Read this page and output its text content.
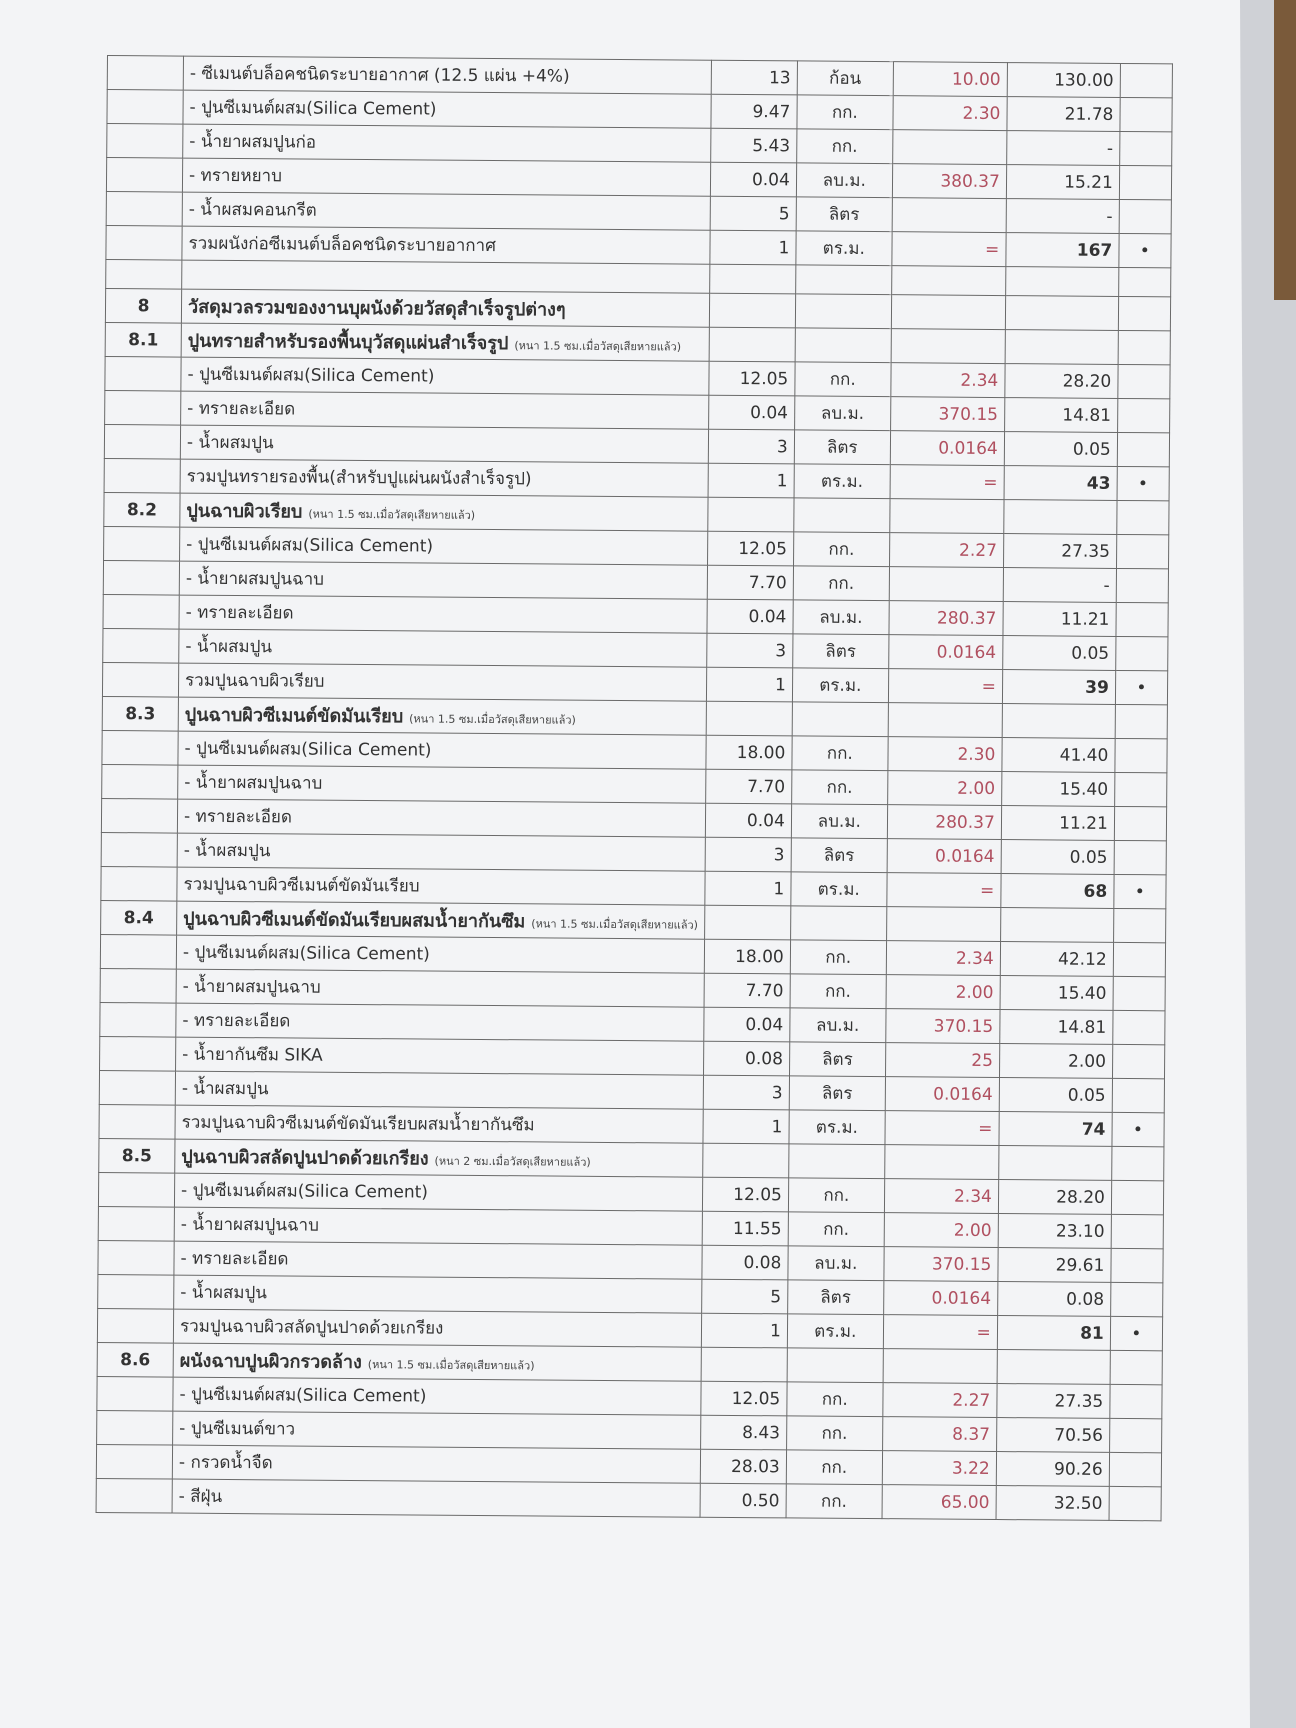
	- ซีเมนต์บล็อคชนิดระบายอากาศ (12.5 แผ่น +4%)	13	ก้อน	10.00	130.00	
	- ปูนซีเมนต์ผสม(Silica Cement)	9.47	กก.	2.30	21.78	
	- น้ำยาผสมปูนก่อ	5.43	กก.		-	
	- ทรายหยาบ	0.04	ลบ.ม.	380.37	15.21	
	- น้ำผสมคอนกรีต	5	ลิตร		-	
	รวมผนังก่อซีเมนต์บล็อคชนิดระบายอากาศ	1	ตร.ม.	=	167	•

8	วัสดุมวลรวมของงานบุผนังด้วยวัสดุสำเร็จรูปต่างๆ					
8.1	ปูนทรายสำหรับรองพื้นบุวัสดุแผ่นสำเร็จรูป (หนา 1.5 ซม.เมื่อวัสดุเสียหายแล้ว)					
	- ปูนซีเมนต์ผสม(Silica Cement)	12.05	กก.	2.34	28.20	
	- ทรายละเอียด	0.04	ลบ.ม.	370.15	14.81	
	- น้ำผสมปูน	3	ลิตร	0.0164	0.05	
	รวมปูนทรายรองพื้น(สำหรับปูแผ่นผนังสำเร็จรูป)	1	ตร.ม.	=	43	•
8.2	ปูนฉาบผิวเรียบ (หนา 1.5 ซม.เมื่อวัสดุเสียหายแล้ว)					
	- ปูนซีเมนต์ผสม(Silica Cement)	12.05	กก.	2.27	27.35	
	- น้ำยาผสมปูนฉาบ	7.70	กก.		-	
	- ทรายละเอียด	0.04	ลบ.ม.	280.37	11.21	
	- น้ำผสมปูน	3	ลิตร	0.0164	0.05	
	รวมปูนฉาบผิวเรียบ	1	ตร.ม.	=	39	•
8.3	ปูนฉาบผิวซีเมนต์ขัดมันเรียบ (หนา 1.5 ซม.เมื่อวัสดุเสียหายแล้ว)					
	- ปูนซีเมนต์ผสม(Silica Cement)	18.00	กก.	2.30	41.40	
	- น้ำยาผสมปูนฉาบ	7.70	กก.	2.00	15.40	
	- ทรายละเอียด	0.04	ลบ.ม.	280.37	11.21	
	- น้ำผสมปูน	3	ลิตร	0.0164	0.05	
	รวมปูนฉาบผิวซีเมนต์ขัดมันเรียบ	1	ตร.ม.	=	68	•
8.4	ปูนฉาบผิวซีเมนต์ขัดมันเรียบผสมน้ำยากันซึม (หนา 1.5 ซม.เมื่อวัสดุเสียหายแล้ว)					
	- ปูนซีเมนต์ผสม(Silica Cement)	18.00	กก.	2.34	42.12	
	- น้ำยาผสมปูนฉาบ	7.70	กก.	2.00	15.40	
	- ทรายละเอียด	0.04	ลบ.ม.	370.15	14.81	
	- น้ำยากันซึม SIKA	0.08	ลิตร	25	2.00	
	- น้ำผสมปูน	3	ลิตร	0.0164	0.05	
	รวมปูนฉาบผิวซีเมนต์ขัดมันเรียบผสมน้ำยากันซึม	1	ตร.ม.	=	74	•
8.5	ปูนฉาบผิวสลัดปูนปาดด้วยเกรียง (หนา 2 ซม.เมื่อวัสดุเสียหายแล้ว)					
	- ปูนซีเมนต์ผสม(Silica Cement)	12.05	กก.	2.34	28.20	
	- น้ำยาผสมปูนฉาบ	11.55	กก.	2.00	23.10	
	- ทรายละเอียด	0.08	ลบ.ม.	370.15	29.61	
	- น้ำผสมปูน	5	ลิตร	0.0164	0.08	
	รวมปูนฉาบผิวสลัดปูนปาดด้วยเกรียง	1	ตร.ม.	=	81	•
8.6	ผนังฉาบปูนผิวกรวดล้าง (หนา 1.5 ซม.เมื่อวัสดุเสียหายแล้ว)					
	- ปูนซีเมนต์ผสม(Silica Cement)	12.05	กก.	2.27	27.35	
	- ปูนซีเมนต์ขาว	8.43	กก.	8.37	70.56	
	- กรวดน้ำจืด	28.03	กก.	3.22	90.26	
	- สีฝุ่น	0.50	กก.	65.00	32.50	
